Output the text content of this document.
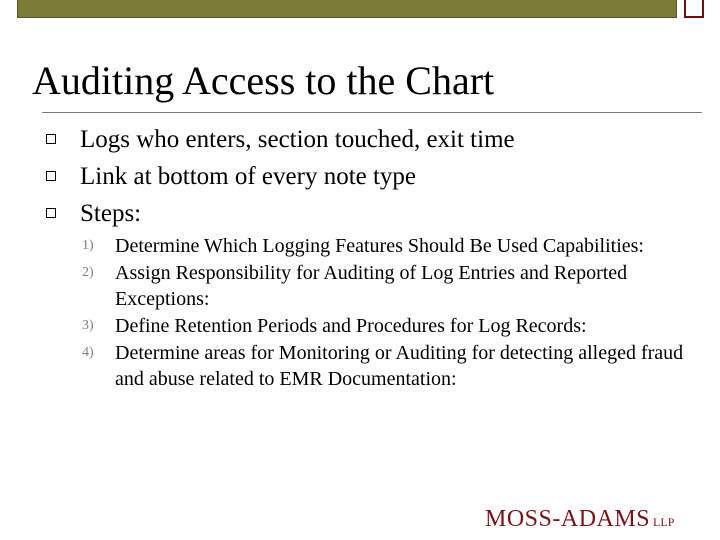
Auditing Access to the Chart
Logs who enters, section touched, exit time
Link at bottom of every note type
Steps:
1) Determine Which Logging Features Should Be Used Capabilities:
2) Assign Responsibility for Auditing of Log Entries and Reported Exceptions:
3) Define Retention Periods and Procedures for Log Records:
4) Determine areas for Monitoring or Auditing for detecting alleged fraud and abuse related to EMR Documentation:
MOSS-ADAMS LLP
